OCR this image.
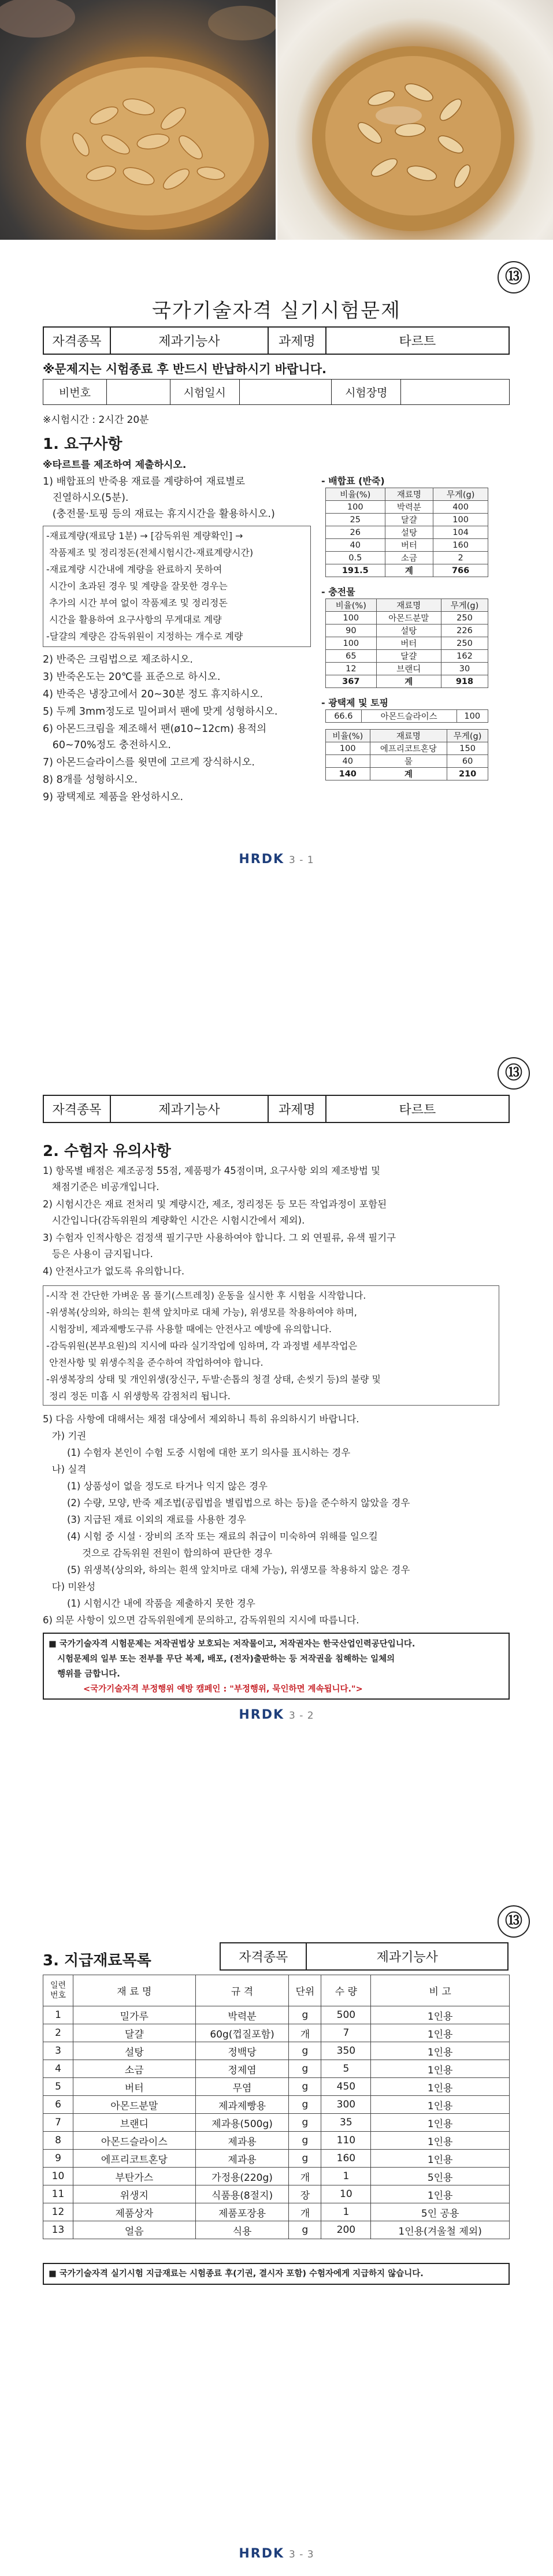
⑬
국가기술자격 실기시험문제
자격종목	제과기능사	과제명	타르트
※문제지는 시험종료 후 반드시 반납하시기 바랍니다.
비번호		시험일시		시험장명	
※시험시간 : 2시간 20분
1. 요구사항
※타르트를 제조하여 제출하시오.
1) 배합표의 반죽용 재료를 계량하여 재료별로
진열하시오(5분).
(충전물·토핑 등의 재료는 휴지시간을 활용하시오.)
-재료계량(재료당 1분) → [감독위원 계량확인] →
작품제조 및 정리정돈(전체시험시간-재료계량시간)
-재료계량 시간내에 계량을 완료하지 못하여
시간이 초과된 경우 및 계량을 잘못한 경우는
추가의 시간 부여 없이 작품제조 및 정리정돈
시간을 활용하여 요구사항의 무게대로 계량
-달걀의 계량은 감독위원이 지정하는 개수로 계량
2) 반죽은 크림법으로 제조하시오.
3) 반죽온도는 20℃를 표준으로 하시오.
4) 반죽은 냉장고에서 20~30분 정도 휴지하시오.
5) 두께 3mm정도로 밀어펴서 팬에 맞게 성형하시오.
6) 아몬드크림을 제조해서 팬(ø10~12cm) 용적의
60~70%정도 충전하시오.
7) 아몬드슬라이스를 윗면에 고르게 장식하시오.
8) 8개를 성형하시오.
9) 광택제로 제품을 완성하시오.
- 배합표 (반죽)
비율(%)	재료명	무게(g)
100	박력분	400
25	달걀	100
26	설탕	104
40	버터	160
0.5	소금	2
191.5	계	766
- 충전물
비율(%)	재료명	무게(g)
100	아몬드분말	250
90	설탕	226
100	버터	250
65	달걀	162
12	브랜디	30
367	계	918
- 광택제 및 토핑
66.6	아몬드슬라이스	100
비율(%)	재료명	무게(g)
100	에프리코트혼당	150
40	물	60
140	계	210
HRDK 3 - 1
⑬
자격종목	제과기능사	과제명	타르트
2. 수험자 유의사항
1) 항목별 배점은 제조공정 55점, 제품평가 45점이며, 요구사항 외의 제조방법 및
채점기준은 비공개입니다.
2) 시험시간은 재료 전처리 및 계량시간, 제조, 정리정돈 등 모든 작업과정이 포함된
시간입니다(감독위원의 계량확인 시간은 시험시간에서 제외).
3) 수험자 인적사항은 검정색 필기구만 사용하여야 합니다. 그 외 연필류, 유색 필기구
등은 사용이 금지됩니다.
4) 안전사고가 없도록 유의합니다.
-시작 전 간단한 가벼운 몸 풀기(스트레칭) 운동을 실시한 후 시험을 시작합니다.
-위생복(상의와, 하의는 흰색 앞치마로 대체 가능), 위생모를 착용하여야 하며,
시험장비, 제과제빵도구류 사용할 때에는 안전사고 예방에 유의합니다.
-감독위원(본부요원)의 지시에 따라 실기작업에 임하며, 각 과정별 세부작업은
안전사항 및 위생수칙을 준수하여 작업하여야 합니다.
-위생복장의 상태 및 개인위생(장신구, 두발·손톱의 청결 상태, 손씻기 등)의 불량 및
정리 정돈 미흡 시 위생항목 감점처리 됩니다.
5) 다음 사항에 대해서는 채점 대상에서 제외하니 특히 유의하시기 바랍니다.
가) 기권
(1) 수험자 본인이 수험 도중 시험에 대한 포기 의사를 표시하는 경우
나) 실격
(1) 상품성이 없을 정도로 타거나 익지 않은 경우
(2) 수량, 모양, 반죽 제조법(공립법을 별립법으로 하는 등)을 준수하지 않았을 경우
(3) 지급된 재료 이외의 재료를 사용한 경우
(4) 시험 중 시설 · 장비의 조작 또는 재료의 취급이 미숙하여 위해를 일으킬
것으로 감독위원 전원이 합의하여 판단한 경우
(5) 위생복(상의와, 하의는 흰색 앞치마로 대체 가능), 위생모를 착용하지 않은 경우
다) 미완성
(1) 시험시간 내에 작품을 제출하지 못한 경우
6) 의문 사항이 있으면 감독위원에게 문의하고, 감독위원의 지시에 따릅니다.
■ 국가기술자격 시험문제는 저작권법상 보호되는 저작물이고, 저작권자는 한국산업인력공단입니다.
시험문제의 일부 또는 전부를 무단 복제, 배포, (전자)출판하는 등 저작권을 침해하는 일체의
행위를 금합니다.
<국가기술자격 부정행위 예방 캠페인 : "부정행위, 묵인하면 계속됩니다.">
HRDK 3 - 2
⑬
3. 지급재료목록	자격종목	제과기능사
일련
번호	재 료 명	규 격	단위	수 량	비 고
1	밀가루	박력분	g	500	1인용
2	달걀	60g(껍질포함)	개	7	1인용
3	설탕	정백당	g	350	1인용
4	소금	정제염	g	5	1인용
5	버터	무염	g	450	1인용
6	아몬드분말	제과제빵용	g	300	1인용
7	브랜디	제과용(500g)	g	35	1인용
8	아몬드슬라이스	제과용	g	110	1인용
9	에프리코트혼당	제과용	g	160	1인용
10	부탄가스	가정용(220g)	개	1	5인용
11	위생지	식품용(8절지)	장	10	1인용
12	제품상자	제품포장용	개	1	5인 공용
13	얼음	식용	g	200	1인용(겨울철 제외)
■ 국가기술자격 실기시험 지급재료는 시험종료 후(기권, 결시자 포함) 수험자에게 지급하지 않습니다.
HRDK 3 - 3
